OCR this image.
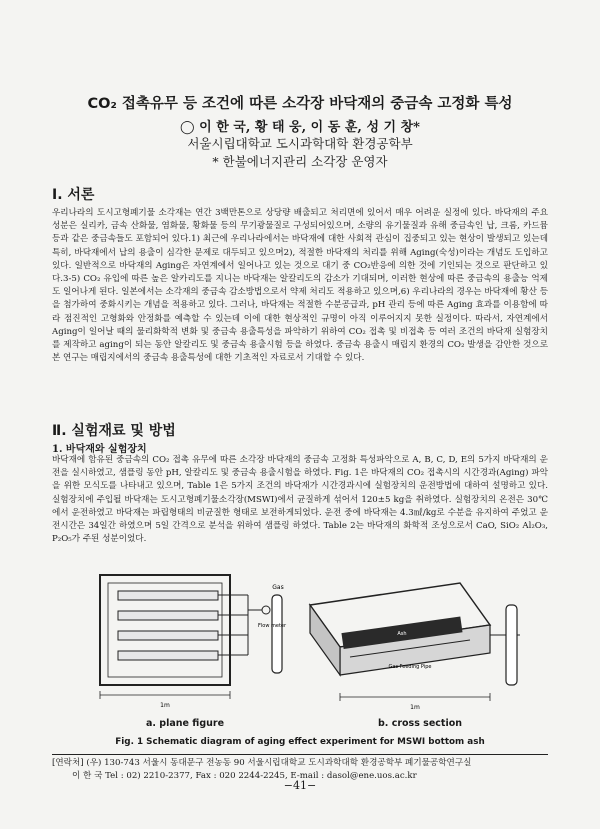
CO₂ 접촉유무 등 조건에 따른 소각장 바닥재의 중금속 고정화 특성
◯ 이 한 국, 황 태 웅, 이 동 훈, 성 기 창*
서울시립대학교 도시과학대학 환경공학부
* 한불에너지관리 소각장 운영자
Ⅰ. 서론

우리나라의 도시고형폐기물 소각재는 연간 3백만톤으로 상당량 배출되고 처리면에 있어서 매우 어려운 실정에 있다. 바닥재의 주요 성분은 실리카, 금속 산화물, 염화물, 황화물 등의 무기광물질로 구성되어있으며, 소량의 유기물질과 유해 중금속인 납, 크롬, 카드뮴 등과 같은 중금속들도 포함되어 있다.1) 최근에 우리나라에서는 바닥재에 대한 사회적 관심이 집중되고 있는 현상이 발생되고 있는데 특히, 바닥재에서 납의 용출이 심각한 문제로 대두되고 있으며2), 적절한 바닥재의 처리를 위해 Aging(숙성)이라는 개념도 도입하고 있다. 일반적으로 바닥재의 Aging은 자연계에서 일어나고 있는 것으로 대기 중 CO₂반응에 의한 것에 기인되는 것으로 판단하고 있다.3-5) CO₂ 유입에 따른 높은 알카리도를 지니는 바닥재는 알칼리도의 감소가 기대되며, 이러한 현상에 따른 중금속의 용출능 억제도 일어나게 된다. 일본에서는 소각재의 중금속 감소방법으로서 약제 처리도 적용하고 있으며,6) 우리나라의 경우는 바닥재에 황산 등을 첨가하여 중화시키는 개념을 적용하고 있다. 그러나, 바닥재는 적절한 수분공급과, pH 관리 등에 따른 Aging 효과를 이용함에 따라 점진적인 고형화와 안정화를 예측할 수 있는데 이에 대한 현상적인 규명이 아직 이루어지지 못한 실정이다. 따라서, 자연계에서 Aging이 일어날 때의 물리화학적 변화 및 중금속 용출특성을 파악하기 위하여 CO₂ 접촉 및 비접촉 등 여러 조건의 바닥재 실험장치를 제작하고 aging이 되는 동안 알칼리도 및 중금속 용출시험 등을 하였다. 중금속 용출시 매립지 환경의 CO₂ 발생을 감안한 것으로 본 연구는 매립지에서의 중금속 용출특성에 대한 기초적인 자료로서 기대할 수 있다.

Ⅱ. 실험재료 및 방법
1. 바닥재와 실험장치

바닥재에 함유된 중금속의 CO₂ 접촉 유무에 따른 소각장 바닥재의 중금속 고정화 특성파악으로 A, B, C, D, E의 5가지 바닥재의 운전을 실시하였고, 샘플링 동안 pH, 알칼리도 및 중금속 용출시험을 하였다. Fig. 1은 바닥재의 CO₂ 접촉시의 시간경과(Aging) 파악을 위한 모식도를 나타내고 있으며, Table 1은 5가지 조건의 바닥재가 시간경과시에 실험장치의 운전방법에 대하여 설명하고 있다. 실험장치에 주입될 바닥재는 도시고형폐기물소각장(MSWI)에서 균질하게 섞어서 120±5 kg을 취하였다. 실험장치의 온전은 30℃에서 운전하였고 바닥재는 파립형태의 비균질한 형태로 보전하게되었다. 운전 중에 바닥재는 4.3㎖/kg로 수분을 유지하여 주었고 운전시간은 34일간 하였으며 5일 간격으로 분석을 위하여 샘플링 하였다. Table 2는 바닥재의 화학적 조성으로서 CaO, SiO₂ Al₂O₃, P₂O₅가 주된 성분이었다.

Gas
Flow meter
1m
Ash
Gas Feeding Pipe
1m
a. plane figure	b. cross section
Fig. 1 Schematic diagram of aging effect experiment for MSWI bottom ash
[연락처] (우) 130-743 서울시 동대문구 전농동 90 서울시립대학교 도시과학대학 환경공학부 폐기물공학연구실
이 한 국 Tel : 02) 2210-2377, Fax : 020 2244-2245, E-mail : dasol@ene.uos.ac.kr
−41−
